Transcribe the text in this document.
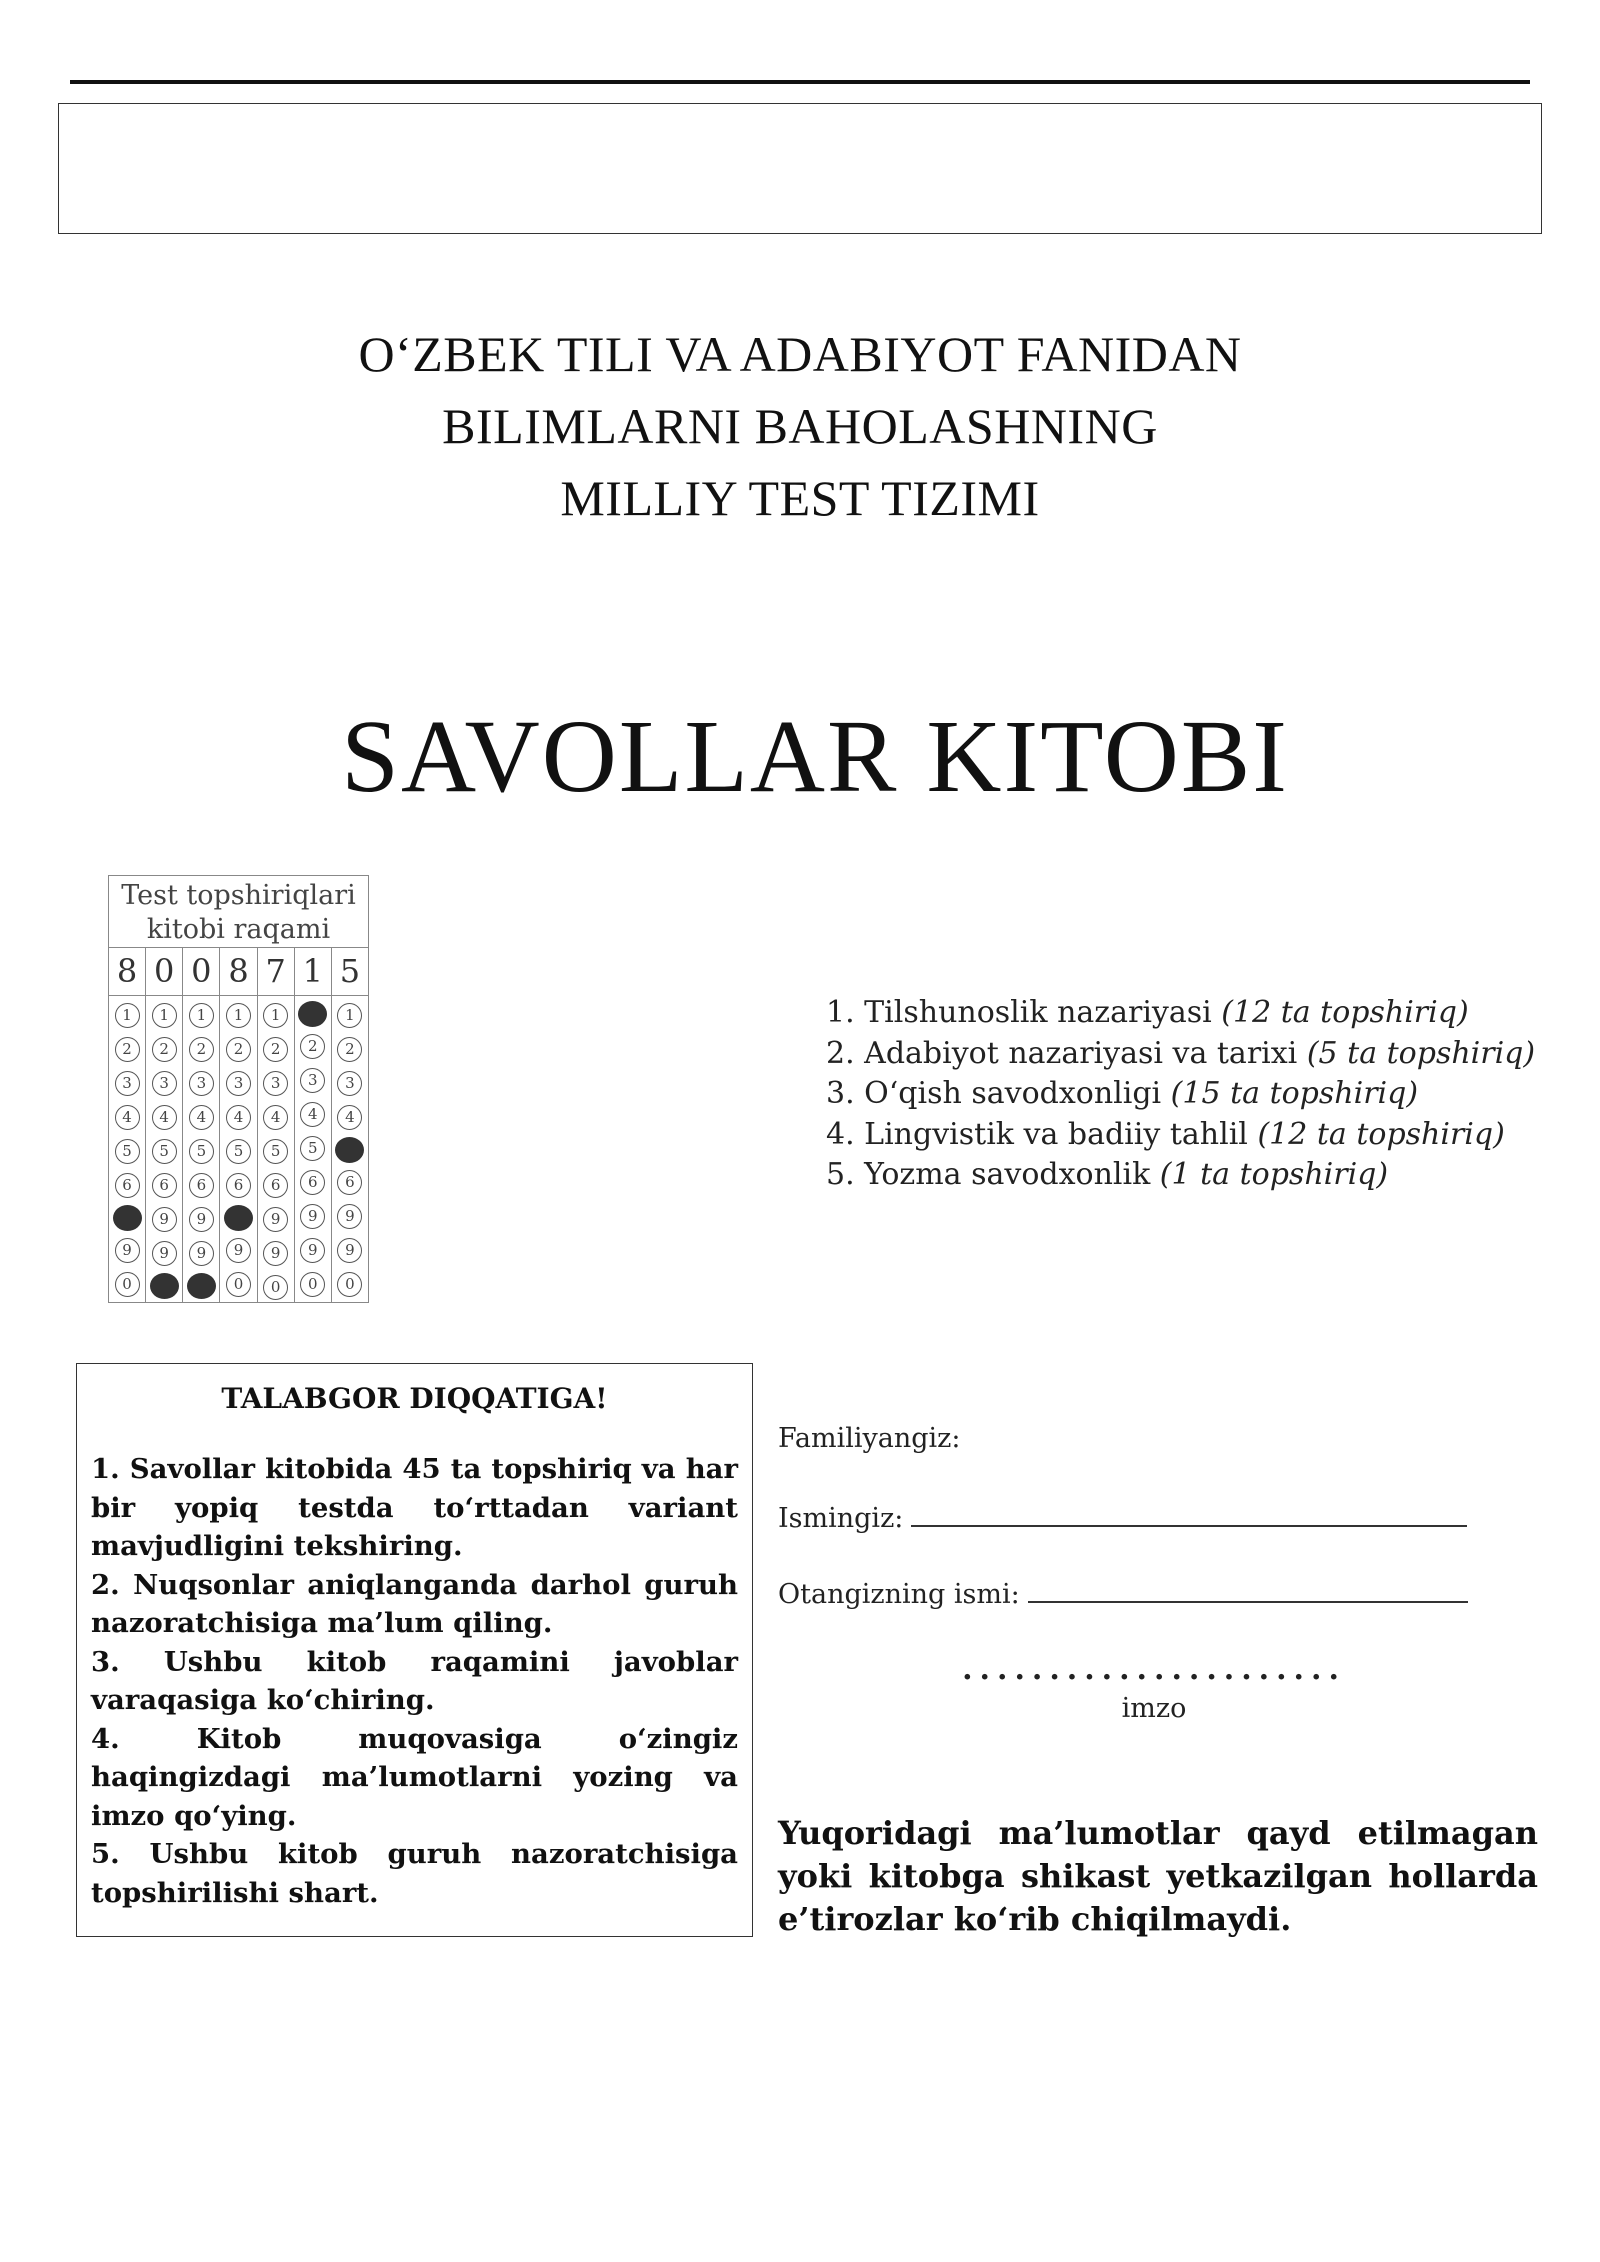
O‘ZBEK TILI VA ADABIYOT FANIDAN
BILIMLARNI BAHOLASHNING
MILLIY TEST TIZIMI
SAVOLLAR KITOBI
Test topshiriqlari
kitobi raqami
8 0 0 8 7 1 5
1
2
3
4
5
6
9
0
1
2
3
4
5
6
9
9
1
2
3
4
5
6
9
9
1
2
3
4
5
6
9
0
1
2
3
4
5
6
9
9
0
2
3
4
5
6
9
9
0
1
2
3
4
6
9
9
0
1. Tilshunoslik nazariyasi (12 ta topshiriq)
2. Adabiyot nazariyasi va tarixi (5 ta topshiriq)
3. O‘qish savodxonligi (15 ta topshiriq)
4. Lingvistik va badiiy tahlil (12 ta topshiriq)
5. Yozma savodxonlik (1 ta topshiriq)
TALABGOR DIQQATIGA!
1. Savollar kitobida 45 ta topshiriq va har bir yopiq testda to‘rttadan variant mavjudligini tekshiring.
2. Nuqsonlar aniqlanganda darhol guruh nazoratchisiga ma’lum qiling.
3. Ushbu kitob raqamini javoblar varaqasiga ko‘chiring.
4. Kitob muqovasiga o‘zingiz haqingizdagi ma’lumotlarni yozing va imzo qo‘ying.
5. Ushbu kitob guruh nazoratchisiga topshirilishi shart.
Familiyangiz:
Ismingiz:
Otangizning ismi:
......................
imzo
Yuqoridagi ma’lumotlar qayd etilmagan yoki kitobga shikast yetkazilgan hollarda e’tirozlar ko‘rib chiqilmaydi.
